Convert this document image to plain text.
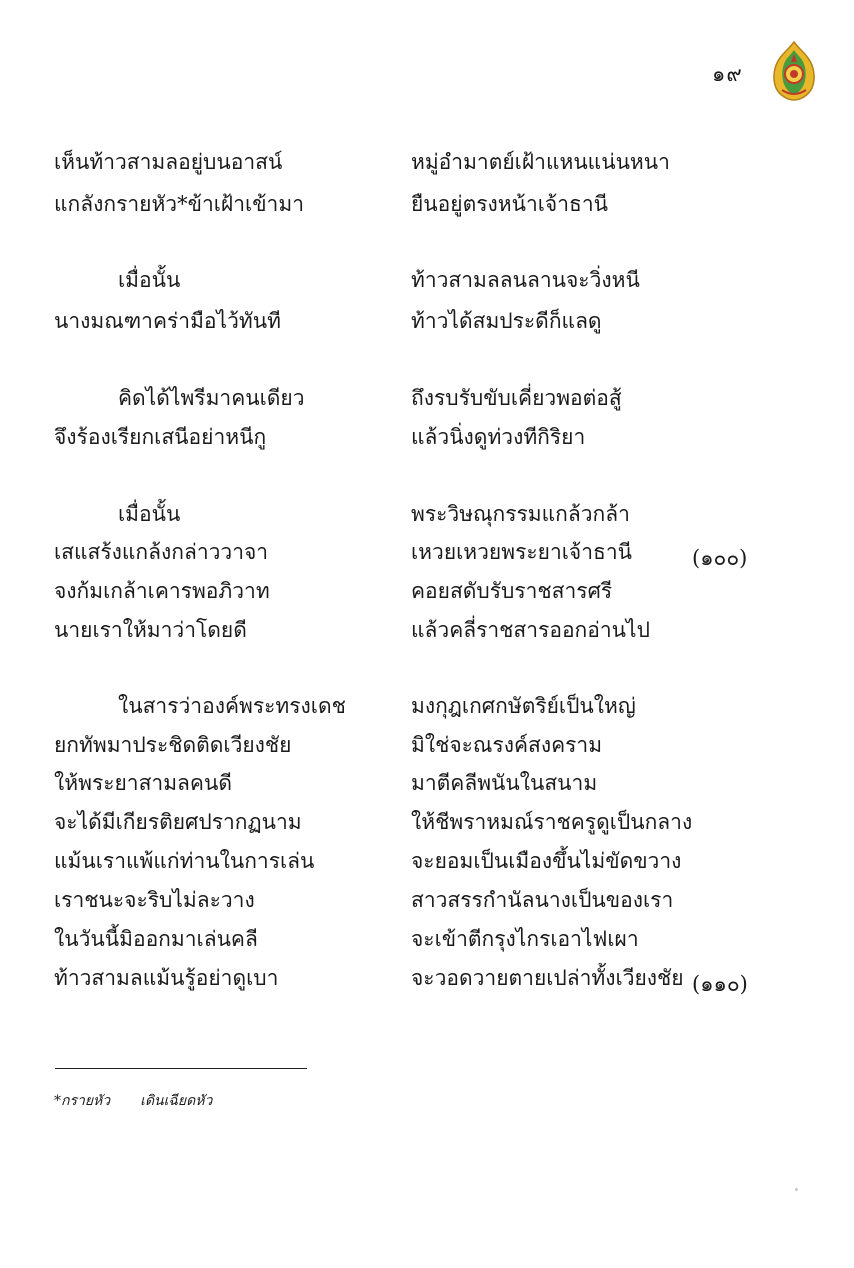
๑๙
เห็นท้าวสามลอยู่บนอาสน์	หมู่อำมาตย์เฝ้าแหนแน่นหนา
แกลังกรายหัว*ข้าเฝ้าเข้ามา	ยืนอยู่ตรงหน้าเจ้าธานี
เมื่อนั้น	ท้าวสามลลนลานจะวิ่งหนี
นางมณฑาคร่ามือไว้ทันที	ท้าวได้สมประดีก็แลดู
คิดได้ไพรีมาคนเดียว	ถึงรบรับขับเคี่ยวพอต่อสู้
จึงร้องเรียกเสนีอย่าหนีกู	แล้วนิ่งดูท่วงทีกิริยา
เมื่อนั้น	พระวิษณุกรรมแกล้วกล้า
เสแสร้งแกล้งกล่าววาจา	เหวยเหวยพระยาเจ้าธานี	(๑๐๐)
จงก้มเกล้าเคารพอภิวาท	คอยสดับรับราชสารศรี
นายเราให้มาว่าโดยดี	แล้วคลี่ราชสารออกอ่านไป
ในสารว่าองค์พระทรงเดช	มงกุฎเกศกษัตริย์เป็นใหญ่
ยกทัพมาประชิดติดเวียงชัย	มิใช่จะณรงค์สงคราม
ให้พระยาสามลคนดี	มาตีคลีพนันในสนาม
จะได้มีเกียรติยศปรากฏนาม	ให้ชีพราหมณ์ราชครูดูเป็นกลาง
แม้นเราแพ้แก่ท่านในการเล่น	จะยอมเป็นเมืองขึ้นไม่ขัดขวาง
เราชนะจะริบไม่ละวาง	สาวสรรกำนัลนางเป็นของเรา
ในวันนี้มิออกมาเล่นคลี	จะเข้าตีกรุงไกรเอาไฟเผา
ท้าวสามลแม้นรู้อย่าดูเบา	จะวอดวายตายเปล่าทั้งเวียงชัย (๑๑๐)
*กรายหัว เดินเฉียดหัว
